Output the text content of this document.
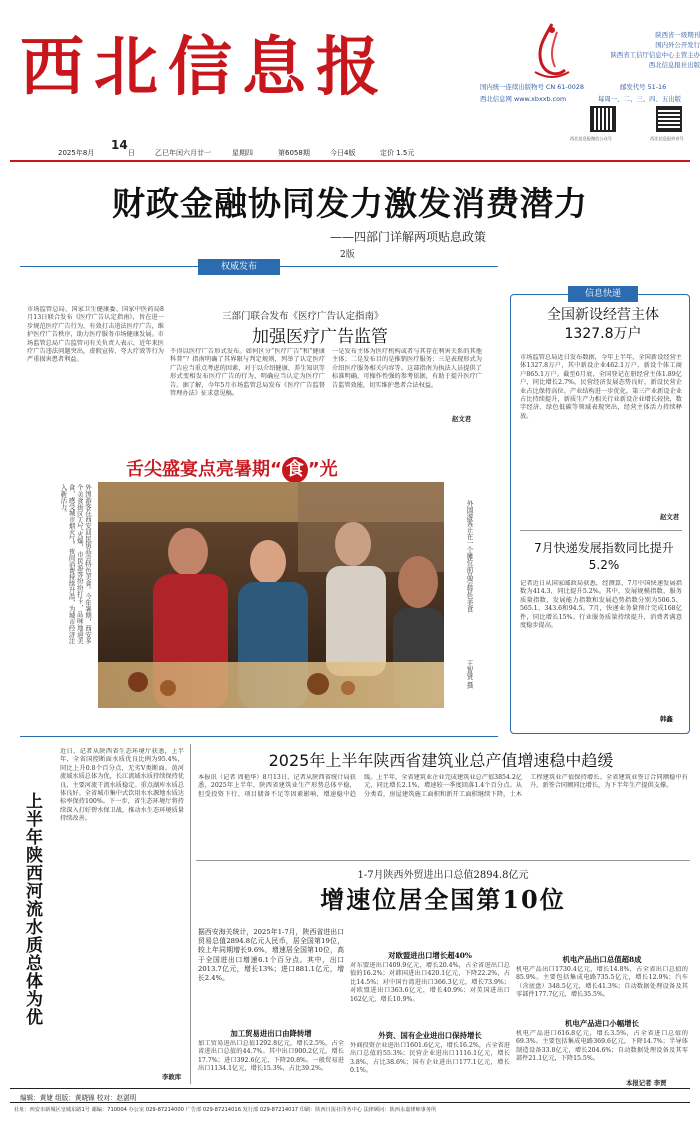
西北信息报	陕西省一级期刊
国内外公开发行
陕西省工信厅信息中心主管主办
西北信息报社出版
国内统一连续出版物号 CN 61-0028	邮发代号 51-16
西北信息网 www.xbxxb.com	每周一、二、三、四、五出版
西北信息报微信公众号	西北信息报抖音号
2025年8月
14
日	乙巳年闰六月廿一	星期四	第6058期	今日4版	定价 1.5元
财政金融协同发力激发消费潜力
——四部门详解两项贴息政策
2版
权威发布
三部门联合发布《医疗广告认定指南》
加强医疗广告监管
市场监管总局、国家卫生健康委、国家中医药局8月13日联合发布《医疗广告认定指南》，旨在进一步规范医疗广告行为，有效打击违法医疗广告，维护医疗广告秩序，助力医疗服务市场健康发展。市场监管总局广告监管司有关负责人表示，近年来医疗广告违法问题突出，虚假宣传、夸大疗效等行为严重损害患者利益。
不得以医疗广告形式发布。如何区分“医疗广告”和“健康科普”？指南明确了其界限与判定规则，列举了认定医疗广告应当重点考虑的因素，对于以介绍健康、养生知识等形式变相发布医疗广告的行为，明确应当认定为医疗广告。据了解，今年5月市场监管总局发布《医疗广告监督管理办法》征求意见稿。
一是发布主体为医疗机构或者与其存在利害关系的其他主体；二是发布目的是推销医疗服务；三是表现形式为介绍医疗服务相关内容等。这部指南为执法人员提供了标准明确、可操作性强的参考依据，有助于提升医疗广告监管效能，切实维护患者合法权益。
赵文君
舌尖盛宴点亮暑期“ 食 ”光
外国游客在西安回民街品尝特色美食。今年暑期，西安多个美食街区人气火爆，市民游客纷纷打卡，品味地道美食，感受城市烟火气。夜间消费持续升温，为城市经济注入新活力。	外国游客正在一个摊位前品尝特色美食
王智贤 摄
信息快递
全国新设经营主体1327.8万户
市场监管总局近日发布数据，今年上半年，全国新设经营主体1327.8万户，其中新设企业462.1万户，新设个体工商户865.1万户。截至6月底，全国登记在册经营主体1.89亿户，同比增长2.7%。民营经济发展态势良好，新设民营企业占比保持高位。产业结构进一步优化，第三产业新设企业占比持续提升，新质生产力相关行业新设企业增长较快，数字经济、绿色低碳等领域表现突出，经营主体活力持续释放。
赵文君
7月快递发展指数同比提升5.2%
记者近日从国家邮政局获悉，经测算，7月中国快递发展指数为414.3，同比提升5.2%。其中，发展规模指数、服务质量指数、发展能力指数和发展趋势指数分别为506.5、565.1、343.6和94.5。7月，快递业务量预计完成168亿件，同比增长15%。行业服务质量持续提升，消费者满意度稳步提高。
韩鑫
上半年陕西河流水质总体为优
近日，记者从陕西省生态环境厅获悉，上半年，全省国控断面水质优良比例为95.4%，同比上升0.8个百分点，无劣V类断面。黄河流域水质总体为优，长江流域水质持续保持优良，主要河流干流水质稳定。重点湖库水质总体良好。全省城市集中式饮用水水源地水质达标率保持100%。下一步，省生态环境厅将持续深入打好碧水保卫战，推动水生态环境质量持续改善。
李敦库
2025年上半年陕西省建筑业总产值增速稳中趋缓
本报讯（记者 周艳华）8月13日，记者从陕西省统计局获悉，2025年上半年，陕西省建筑业生产形势总体平稳，但受投资下行、项目储备不足等因素影响，增速稳中趋缓。上半年，全省建筑业企业完成建筑业总产值3854.2亿元，同比增长2.1%，增速较一季度回落1.4个百分点。从分类看，房屋建筑施工面积和新开工面积继续下降，土木工程建筑业产值保持增长。全省建筑业签订合同额稳中有升，新签合同额同比增长，为下半年生产提供支撑。
1-7月陕西外贸进出口总值2894.8亿元
增速位居全国第10位
据西安海关统计，2025年1-7月，陕西省进出口贸易总值2894.8亿元人民币，居全国第19位，较上年同期增长9.6%，增速居全国第10位，高于全国进出口增速6.1个百分点。其中，出口2013.7亿元，增长13%；进口881.1亿元，增长2.4%。
加工贸易进出口由降转增
加工贸易进出口总值1292.8亿元，增长2.5%，占全省进出口总值的44.7%。其中出口900.2亿元，增长17.7%；进口392.6亿元，下降20.8%。一般贸易进出口1134.1亿元，增长15.3%，占比39.2%。
对欧盟进出口增长超40%
对东盟进出口409.9亿元，增长20.4%，占全省进出口总值的16.2%；对韩国进出口420.1亿元，下降22.2%，占比14.5%；对中国台湾进出口366.3亿元，增长73.9%；对欧盟进出口363.6亿元，增长40.9%；对美国进出口162亿元，增长10.9%。
外资、国有企业进出口保持增长
外商投资企业进出口1601.6亿元，增长16.2%，占全省进出口总值的55.3%；民营企业进出口1116.1亿元，增长3.8%，占比38.6%；国有企业进出口177.1亿元，增长0.1%。
机电产品出口总值超8成
机电产品出口1730.4亿元，增长14.8%，占全省出口总值的85.9%。主要包括集成电路735.5亿元，增长12.9%；汽车（含底盘）348.5亿元，增长41.3%；自动数据处理设备及其零部件177.7亿元，增长35.5%。
机电产品进口小幅增长
机电产品进口616.8亿元，增长3.5%，占全省进口总值的69.3%。主要包括集成电路369.6亿元，下降14.7%；半导体制造设备33.8亿元，增长204.6%；自动数据处理设备及其零部件21.1亿元，下降15.5%。
本报记者 李贾
编辑：黄婕 组版：黄晓锦 校对：赵湛明
社址：西安市新城区皇城东路1号 邮编：710004 办公室 029-87214000 广告部 029-87214016 发行部 029-87214017 印刷：陕西日报社印务中心 法律顾问：陕西永嘉律师事务所
